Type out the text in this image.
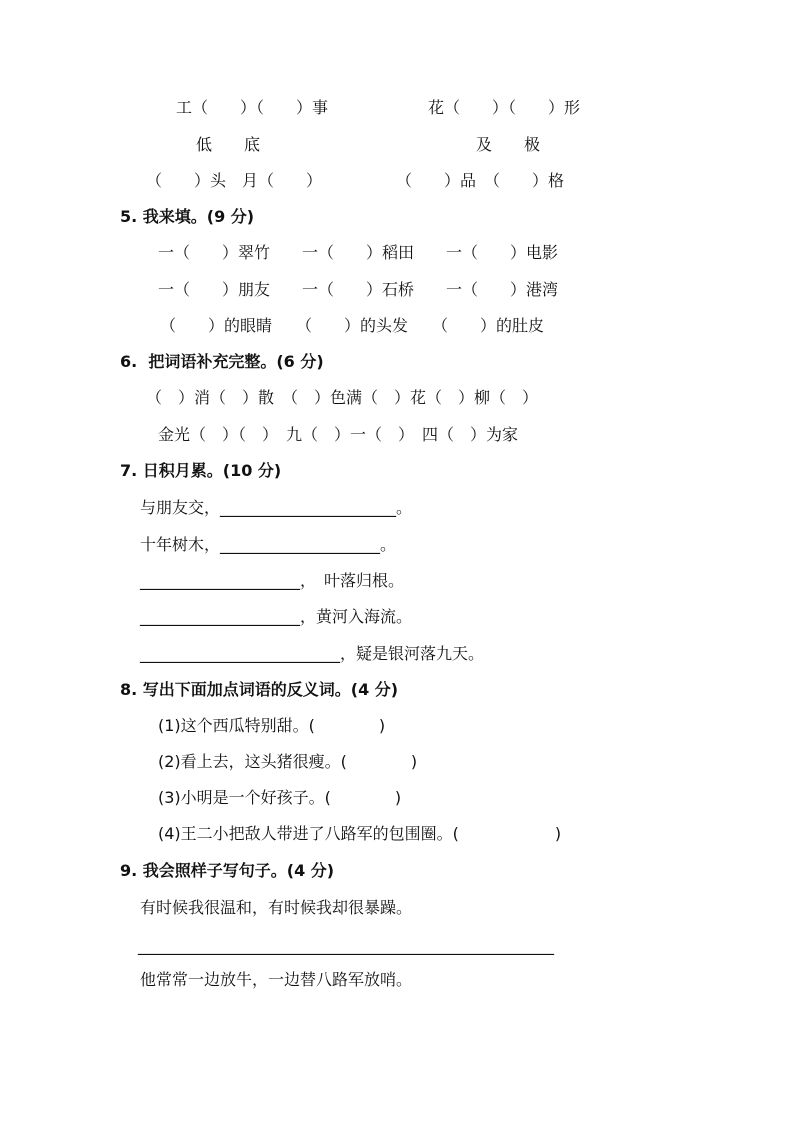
工（　　）（　　）事	花（　　）（　　）形
低　　底	及　　极
（　　）头　月（　　）	（　　）品　（　　）格
5. 我来填。(9 分)
一（　　）翠竹　　一（　　）稻田　　一（　　）电影
一（　　）朋友　　一（　　）石桥　　一（　　）港湾
（　　）的眼睛　　（　　）的头发　　（　　）的肚皮
6.  把词语补充完整。(6 分)
（　）消（　）散　（　）色满（　）花（　）柳（　）
金光（　）（　）　九（　）一（　）　四（　）为家
7. 日积月累。(10 分)
与朋友交，______________________。
十年树木，____________________。
____________________，　叶落归根。
____________________，黄河入海流。
_________________________，疑是银河落九天。
8. 写出下面加点词语的反义词。(4 分)
(1)这个西瓜特别甜。(　　　　)
(2)看上去，这头猪很瘦。(　　　　)
(3)小明是一个好孩子。(　　　　)
(4)王二小把敌人带进了八路军的包围圈。(　　　　　　)
9. 我会照样子写句子。(4 分)
有时候我很温和，有时候我却很暴躁。
____________________________________________________
他常常一边放牛，一边替八路军放哨。
